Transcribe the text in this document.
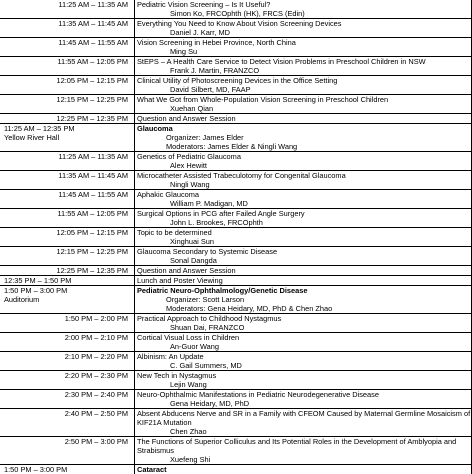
11:25 AM – 11:35 AM	Pediatric Vision Screening – Is It Useful?
Simon Ko, FRCOphth (HK), FRCS (Edin)

11:35 AM – 11:45 AM	Everything You Need to Know About Vision Screening Devices
Daniel J. Karr, MD

11:45 AM – 11:55 AM	Vision Screening in Hebei Province, North China
Ming Su

11:55 AM – 12:05 PM	StEPS – A Health Care Service to Detect Vision Problems in Preschool Children in NSW
Frank J. Martin, FRANZCO

12:05 PM – 12:15 PM	Clinical Utility of Photoscreening Devices in the Office Setting
David Silbert, MD, FAAP

12:15 PM – 12:25 PM	What We Got from Whole-Population Vision Screening in Preschool Children
Xuehan Qian

12:25 PM – 12:35 PM	Question and Answer Session

11:25 AM – 12:35 PM
Yellow River Hall	Glaucoma
Organizer: James Elder
Moderators: James Elder & Ningli Wang

11:25 AM – 11:35 AM	Genetics of Pediatric Glaucoma
Alex Hewitt

11:35 AM – 11:45 AM	Microcatheter Assisted Trabeculotomy for Congenital Glaucoma
Ningli Wang

11:45 AM – 11:55 AM	Aphakic Glaucoma
William P. Madigan, MD

11:55 AM – 12:05 PM	Surgical Options in PCG after Failed Angle Surgery
John L. Brookes, FRCOphth

12:05 PM – 12:15 PM	Topic to be determined
Xinghuai Sun

12:15 PM – 12:25 PM	Glaucoma Secondary to Systemic Disease
Sonal Dangda

12:25 PM – 12:35 PM	Question and Answer Session

12:35 PM – 1:50 PM	Lunch and Poster Viewing

1:50 PM – 3:00 PM
Auditorium	Pediatric Neuro-Ophthalmology/Genetic Disease
Organizer: Scott Larson
Moderators: Gena Heidary, MD, PhD & Chen Zhao

1:50 PM – 2:00 PM	Practical Approach to Childhood Nystagmus
Shuan Dai, FRANZCO

2:00 PM – 2:10 PM	Cortical Visual Loss in Children
An-Guor Wang

2:10 PM – 2:20 PM	Albinism: An Update
C. Gail Summers, MD

2:20 PM – 2:30 PM	New Tech in Nystagmus
Lejin Wang

2:30 PM – 2:40 PM	Neuro-Ophthalmic Manifestations in Pediatric Neurodegenerative Disease
Gena Heidary, MD, PhD

2:40 PM – 2:50 PM	Absent Abducens Nerve and SR in a Family with CFEOM Caused by Maternal Germline Mosaicism of KIF21A Mutation
Chen Zhao

2:50 PM – 3:00 PM	The Functions of Superior Colliculus and Its Potential Roles in the Development of Amblyopia and Strabismus
Xuefeng Shi

1:50 PM – 3:00 PM	Cataract
